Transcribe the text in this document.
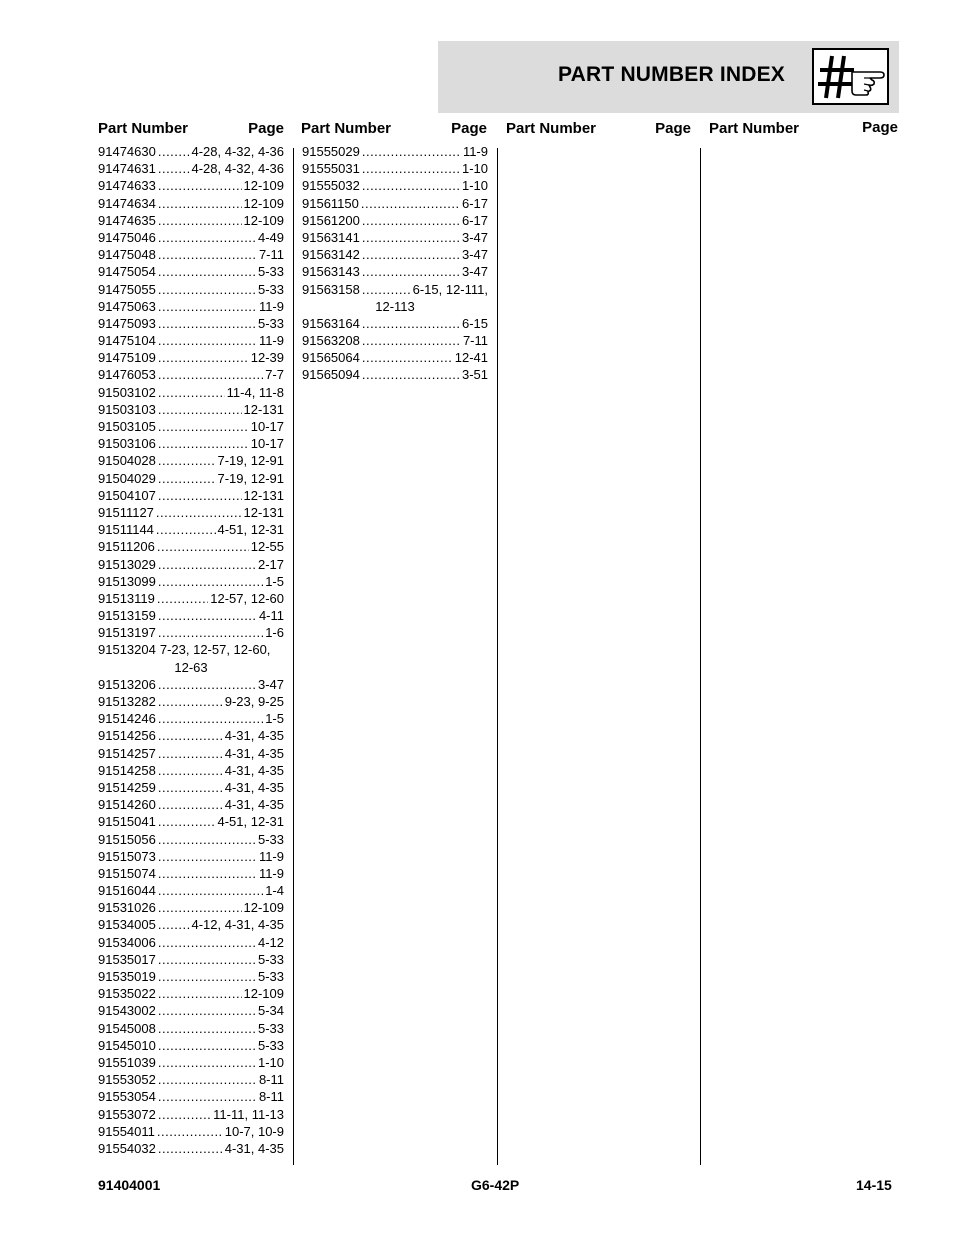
PART NUMBER INDEX
Part Number	Page Part Number	Page Part Number	Page Part Number	Page
91474630 .....	4-28, 4-32, 4-36
91474631 .....	4-28, 4-32, 4-36
91474633 .....	12-109
91474634 .....	12-109
91474635 .....	12-109
91475046 .....	4-49
91475048 .....	7-11
91475054 .....	5-33
91475055 .....	5-33
91475063 .....	11-9
91475093 .....	5-33
91475104 .....	11-9
91475109 .....	12-39
91476053 .....	7-7
91503102 .....	11-4, 11-8
91503103 .....	12-131
91503105 .....	10-17
91503106 .....	10-17
91504028 .....	7-19, 12-91
91504029 .....	7-19, 12-91
91504107 .....	12-131
91511127 .....	12-131
91511144 .....	4-51, 12-31
91511206 .....	12-55
91513029 .....	2-17
91513099 .....	1-5
91513119 .....	12-57, 12-60
91513159 .....	4-11
91513197 .....	1-6
91513204 7-23, 12-57, 12-60,
12-63
91513206 .....	3-47
91513282 .....	9-23, 9-25
91514246 .....	1-5
91514256 .....	4-31, 4-35
91514257 .....	4-31, 4-35
91514258 .....	4-31, 4-35
91514259 .....	4-31, 4-35
91514260 .....	4-31, 4-35
91515041 .....	4-51, 12-31
91515056 .....	5-33
91515073 .....	11-9
91515074 .....	11-9
91516044 .....	1-4
91531026 .....	12-109
91534005 .....	4-12, 4-31, 4-35
91534006 .....	4-12
91535017 .....	5-33
91535019 .....	5-33
91535022 .....	12-109
91543002 .....	5-34
91545008 .....	5-33
91545010 .....	5-33
91551039 .....	1-10
91553052 .....	8-11
91553054 .....	8-11
91553072 .....	11-11, 11-13
91554011 .....	10-7, 10-9
91554032 .....	4-31, 4-35
91555029 .....	11-9
91555031 .....	1-10
91555032 .....	1-10
91561150 .....	6-17
91561200 .....	6-17
91563141 .....	3-47
91563142 .....	3-47
91563143 .....	3-47
91563158 .....	6-15, 12-111,
12-113
91563164 .....	6-15
91563208 .....	7-11
91565064 .....	12-41
91565094 .....	3-51
91404001	G6-42P	14-15
